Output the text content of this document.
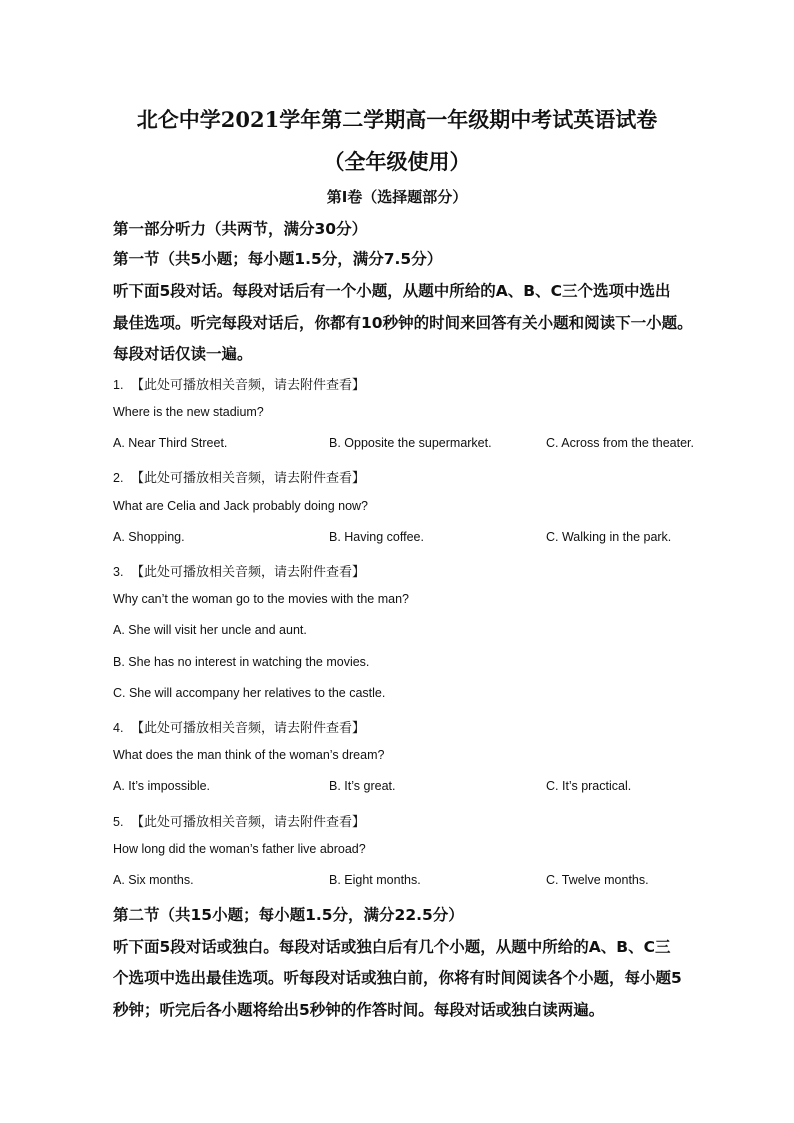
北仑中学2021学年第二学期高一年级期中考试英语试卷
（全年级使用）
第I卷（选择题部分）
第一部分听力（共两节，满分30分）
第一节（共5小题；每小题1.5分，满分7.5分）
听下面5段对话。每段对话后有一个小题，从题中所给的A、B、C三个选项中选出
最佳选项。听完每段对话后，你都有10秒钟的时间来回答有关小题和阅读下一小题。
每段对话仅读一遍。
1. 【此处可播放相关音频，请去附件查看】
Where is the new stadium?
A. Near Third Street.	B. Opposite the supermarket.	C. Across from the theater.
2. 【此处可播放相关音频，请去附件查看】
What are Celia and Jack probably doing now?
A. Shopping.	B. Having coffee.	C. Walking in the park.
3. 【此处可播放相关音频，请去附件查看】
Why can’t the woman go to the movies with the man?
A. She will visit her uncle and aunt.
B. She has no interest in watching the movies.
C. She will accompany her relatives to the castle.
4. 【此处可播放相关音频，请去附件查看】
What does the man think of the woman’s dream?
A. It’s impossible.	B. It’s great.	C. It’s practical.
5. 【此处可播放相关音频，请去附件查看】
How long did the woman’s father live abroad?
A. Six months.	B. Eight months.	C. Twelve months.
第二节（共15小题；每小题1.5分，满分22.5分）
听下面5段对话或独白。每段对话或独白后有几个小题，从题中所给的A、B、C三
个选项中选出最佳选项。听每段对话或独白前，你将有时间阅读各个小题，每小题5
秒钟；听完后各小题将给出5秒钟的作答时间。每段对话或独白读两遍。
